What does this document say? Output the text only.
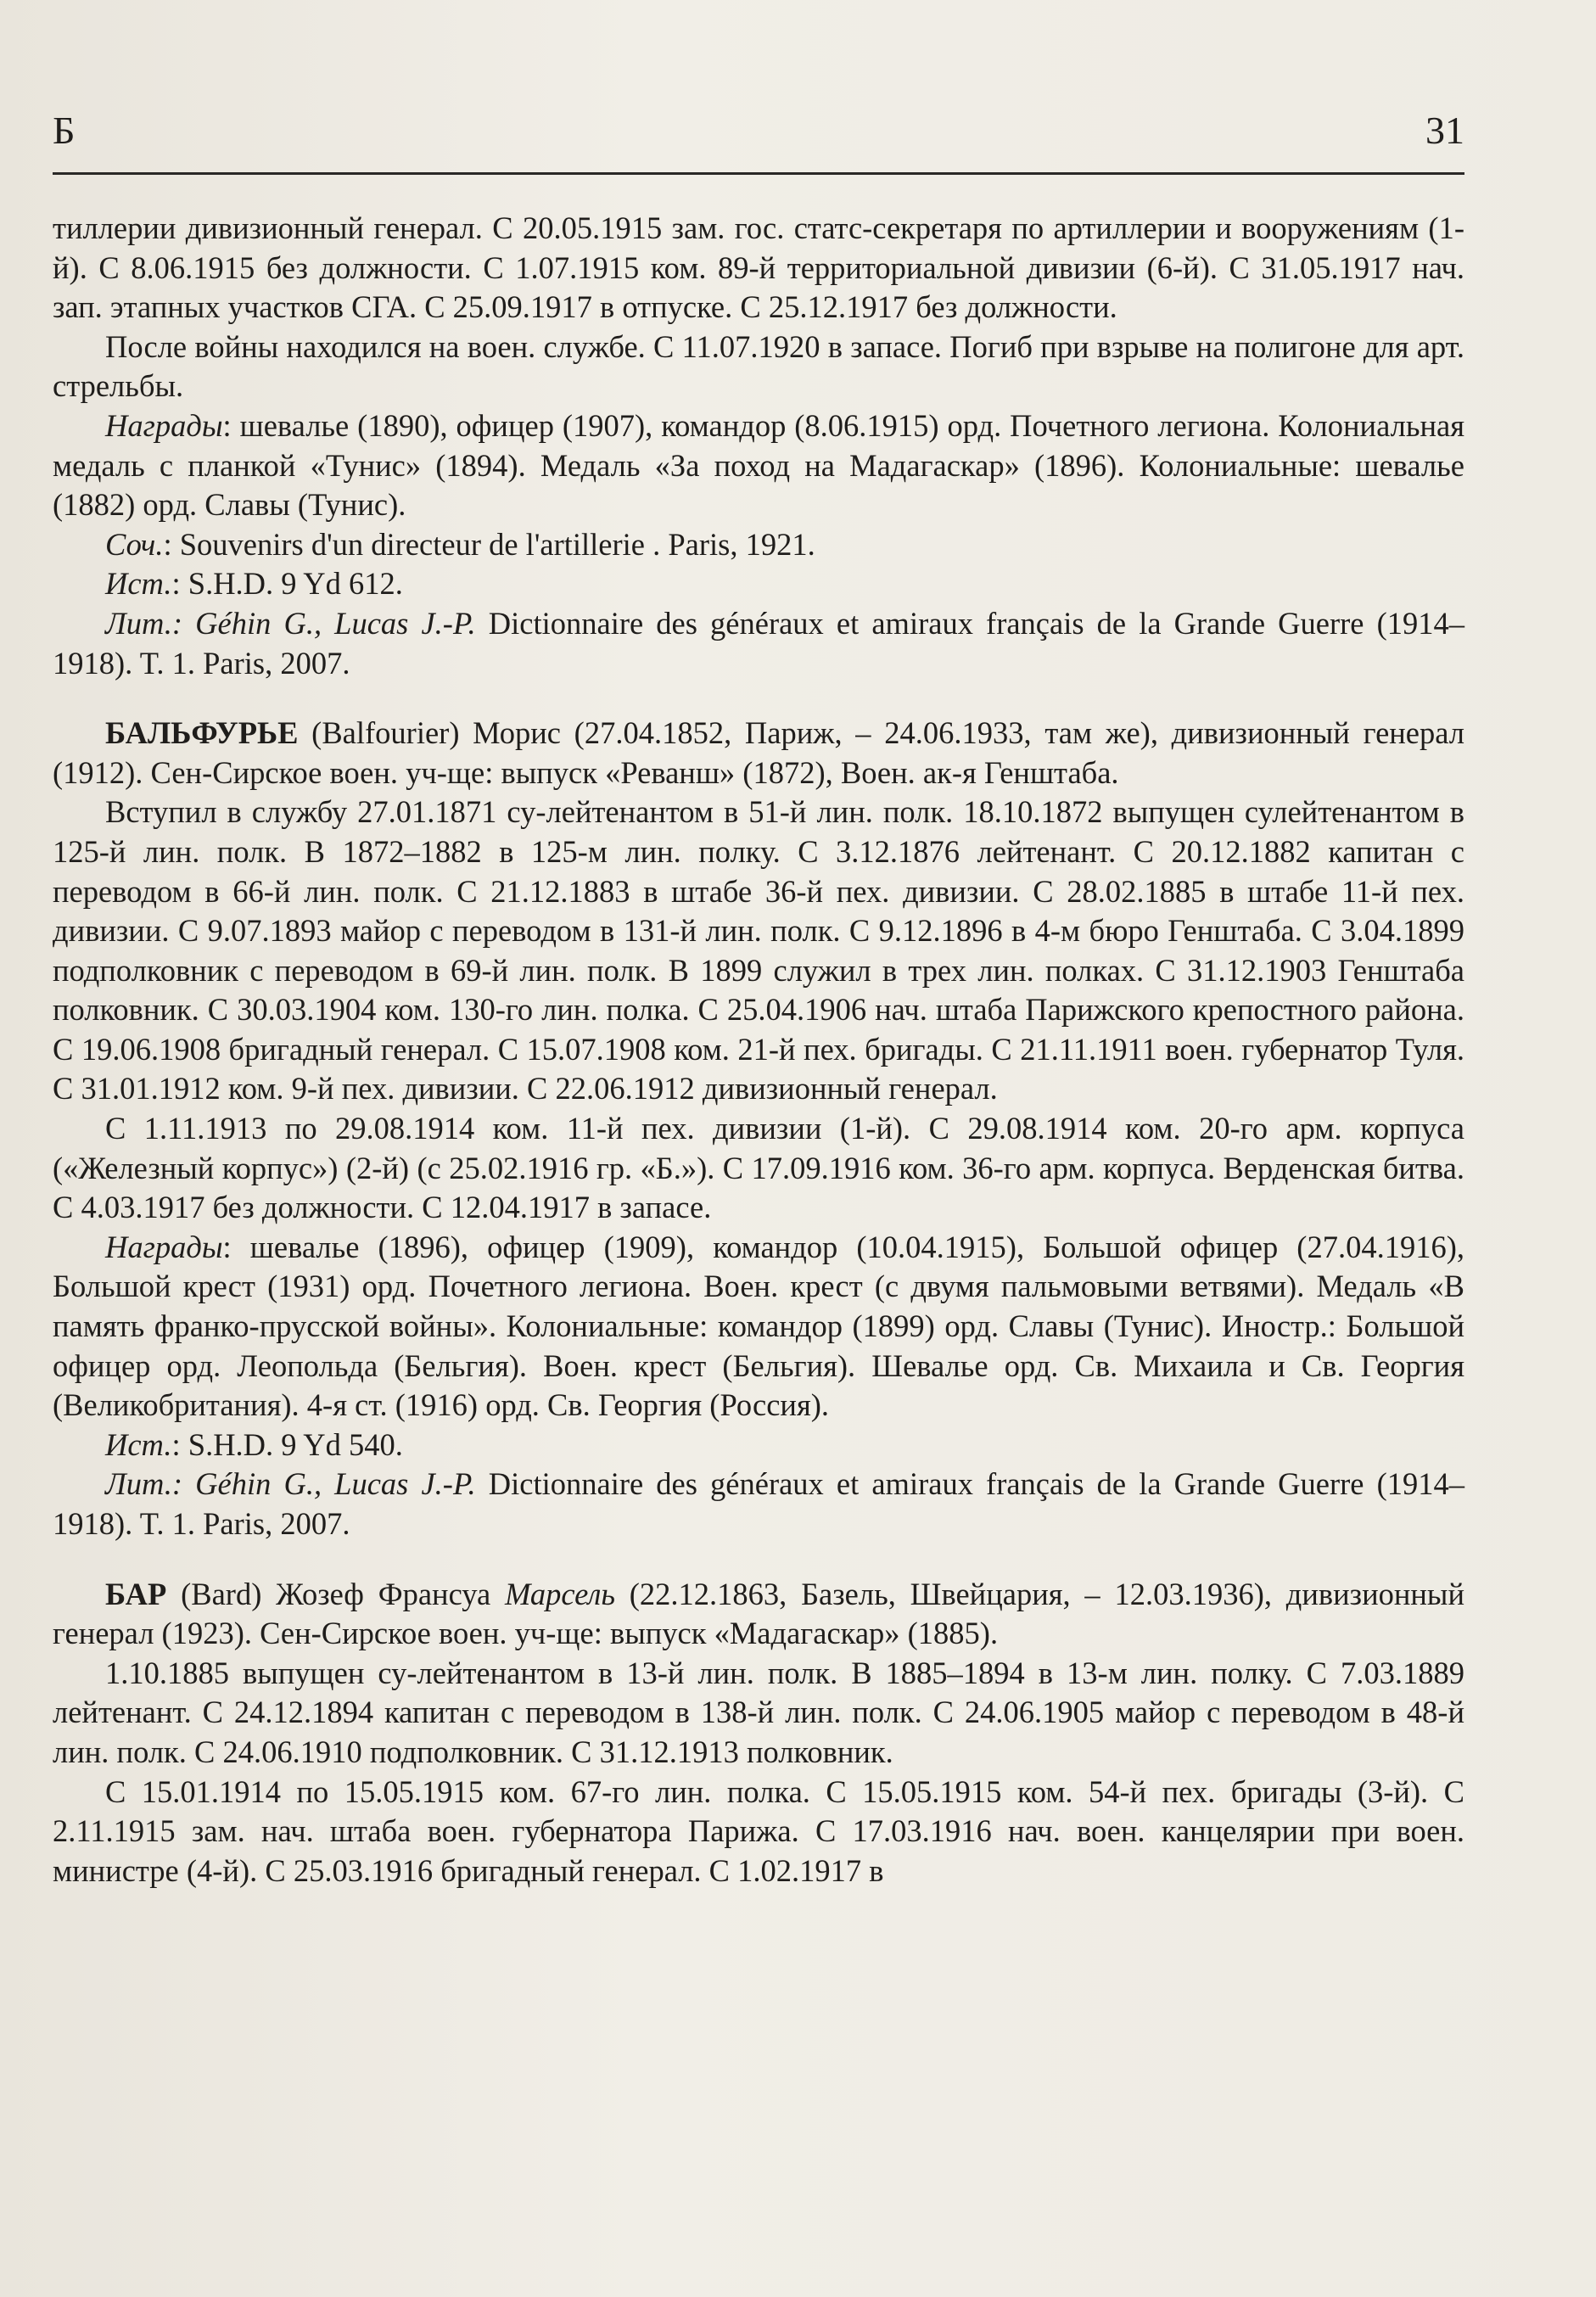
Б	31

тиллерии дивизионный генерал. С 20.05.1915 зам. гос. статс-секретаря по артиллерии и вооружениям (1-й). С 8.06.1915 без должности. С 1.07.1915 ком. 89-й территориальной дивизии (6-й). С 31.05.1917 нач. зап. этапных участков СГА. С 25.09.1917 в отпуске. С 25.12.1917 без должности.

После войны находился на воен. службе. С 11.07.1920 в запасе. Погиб при взрыве на полигоне для арт. стрельбы.

Награды: шевалье (1890), офицер (1907), командор (8.06.1915) орд. Почетного легиона. Колониальная медаль с планкой «Тунис» (1894). Медаль «За поход на Мадагаскар» (1896). Колониальные: шевалье (1882) орд. Славы (Тунис).

Соч.: Souvenirs d'un directeur de l'artillerie . Paris, 1921.

Ист.: S.H.D. 9 Yd 612.

Лит.: Géhin G., Lucas J.-P. Dictionnaire des généraux et amiraux français de la Grande Guerre (1914–1918). T. 1. Paris, 2007.

БАЛЬФУРЬЕ (Balfourier) Морис (27.04.1852, Париж, – 24.06.1933, там же), дивизионный генерал (1912). Сен-Сирское воен. уч-ще: выпуск «Реванш» (1872), Воен. ак-я Генштаба.

Вступил в службу 27.01.1871 су-лейтенантом в 51-й лин. полк. 18.10.1872 выпущен сулейтенантом в 125-й лин. полк. В 1872–1882 в 125-м лин. полку. С 3.12.1876 лейтенант. С 20.12.1882 капитан с переводом в 66-й лин. полк. С 21.12.1883 в штабе 36-й пех. дивизии. С 28.02.1885 в штабе 11-й пех. дивизии. С 9.07.1893 майор с переводом в 131-й лин. полк. С 9.12.1896 в 4-м бюро Генштаба. С 3.04.1899 подполковник с переводом в 69-й лин. полк. В 1899 служил в трех лин. полках. С 31.12.1903 Генштаба полковник. С 30.03.1904 ком. 130-го лин. полка. С 25.04.1906 нач. штаба Парижского крепостного района. С 19.06.1908 бригадный генерал. С 15.07.1908 ком. 21-й пех. бригады. С 21.11.1911 воен. губернатор Туля. С 31.01.1912 ком. 9-й пех. дивизии. С 22.06.1912 дивизионный генерал.

С 1.11.1913 по 29.08.1914 ком. 11-й пех. дивизии (1-й). С 29.08.1914 ком. 20-го арм. корпуса («Железный корпус») (2-й) (с 25.02.1916 гр. «Б.»). С 17.09.1916 ком. 36-го арм. корпуса. Верденская битва. С 4.03.1917 без должности. С 12.04.1917 в запасе.

Награды: шевалье (1896), офицер (1909), командор (10.04.1915), Большой офицер (27.04.1916), Большой крест (1931) орд. Почетного легиона. Воен. крест (с двумя пальмовыми ветвями). Медаль «В память франко-прусской войны». Колониальные: командор (1899) орд. Славы (Тунис). Иностр.: Большой офицер орд. Леопольда (Бельгия). Воен. крест (Бельгия). Шевалье орд. Св. Михаила и Св. Георгия (Великобритания). 4-я ст. (1916) орд. Св. Георгия (Россия).

Ист.: S.H.D. 9 Yd 540.

Лит.: Géhin G., Lucas J.-P. Dictionnaire des généraux et amiraux français de la Grande Guerre (1914–1918). T. 1. Paris, 2007.

БАР (Bard) Жозеф Франсуа Марсель (22.12.1863, Базель, Швейцария, – 12.03.1936), дивизионный генерал (1923). Сен-Сирское воен. уч-ще: выпуск «Мадагаскар» (1885).

1.10.1885 выпущен су-лейтенантом в 13-й лин. полк. В 1885–1894 в 13-м лин. полку. С 7.03.1889 лейтенант. С 24.12.1894 капитан с переводом в 138-й лин. полк. С 24.06.1905 майор с переводом в 48-й лин. полк. С 24.06.1910 подполковник. С 31.12.1913 полковник.

С 15.01.1914 по 15.05.1915 ком. 67-го лин. полка. С 15.05.1915 ком. 54-й пех. бригады (3-й). С 2.11.1915 зам. нач. штаба воен. губернатора Парижа. С 17.03.1916 нач. воен. канцелярии при воен. министре (4-й). С 25.03.1916 бригадный генерал. С 1.02.1917 в
